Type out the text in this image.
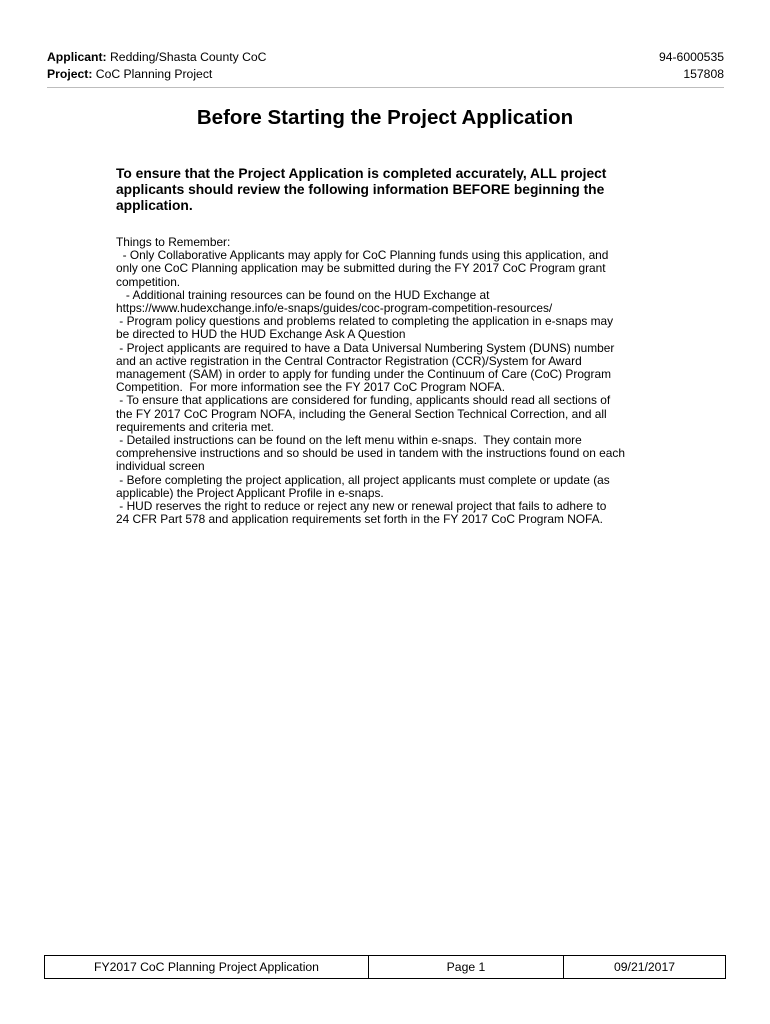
Applicant: Redding/Shasta County CoC	94-6000535
Project: CoC Planning Project	157808
Before Starting the Project Application

To ensure that the Project Application is completed accurately, ALL project applicants should review the following information BEFORE beginning the application.

Things to Remember:
- Only Collaborative Applicants may apply for CoC Planning funds using this application, and
only one CoC Planning application may be submitted during the FY 2017 CoC Program grant
competition.
- Additional training resources can be found on the HUD Exchange at
https://www.hudexchange.info/e-snaps/guides/coc-program-competition-resources/
- Program policy questions and problems related to completing the application in e-snaps may
be directed to HUD the HUD Exchange Ask A Question
- Project applicants are required to have a Data Universal Numbering System (DUNS) number
and an active registration in the Central Contractor Registration (CCR)/System for Award
management (SAM) in order to apply for funding under the Continuum of Care (CoC) Program
Competition.  For more information see the FY 2017 CoC Program NOFA.
- To ensure that applications are considered for funding, applicants should read all sections of
the FY 2017 CoC Program NOFA, including the General Section Technical Correction, and all
requirements and criteria met.
- Detailed instructions can be found on the left menu within e-snaps.  They contain more
comprehensive instructions and so should be used in tandem with the instructions found on each
individual screen
- Before completing the project application, all project applicants must complete or update (as
applicable) the Project Applicant Profile in e-snaps.
- HUD reserves the right to reduce or reject any new or renewal project that fails to adhere to
24 CFR Part 578 and application requirements set forth in the FY 2017 CoC Program NOFA.
FY2017 CoC Planning Project Application	Page 1	09/21/2017
